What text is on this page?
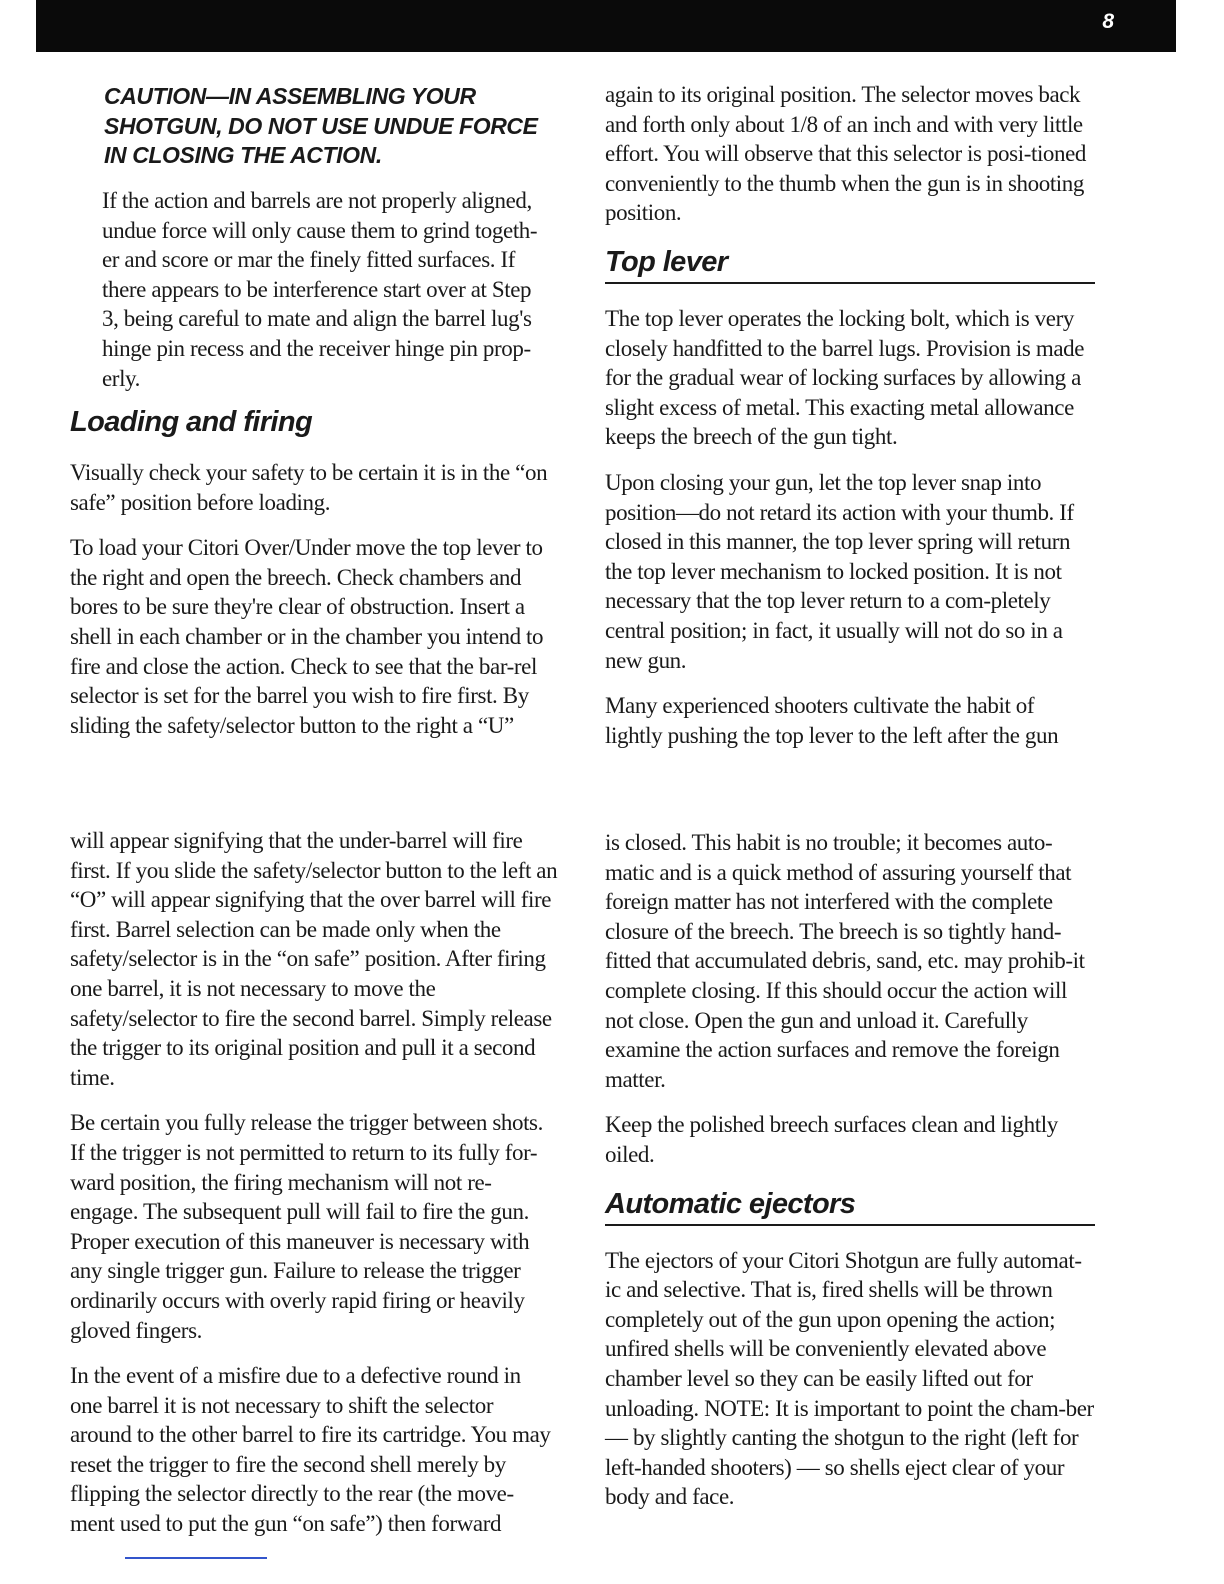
8

CAUTION—IN ASSEMBLING YOUR SHOTGUN, DO NOT USE UNDUE FORCE IN CLOSING THE ACTION.

If the action and barrels are not properly aligned, undue force will only cause them to grind togeth-er and score or mar the finely fitted surfaces. If there appears to be interference start over at Step 3, being careful to mate and align the barrel lug's hinge pin recess and the receiver hinge pin prop-erly.

Loading and firing

Visually check your safety to be certain it is in the “on safe” position before loading.

To load your Citori Over/Under move the top lever to the right and open the breech. Check chambers and bores to be sure they're clear of obstruction. Insert a shell in each chamber or in the chamber you intend to fire and close the action. Check to see that the bar-rel selector is set for the barrel you wish to fire first. By sliding the safety/selector button to the right a “U”

again to its original position. The selector moves back and forth only about 1/8 of an inch and with very little effort. You will observe that this selector is posi-tioned conveniently to the thumb when the gun is in shooting position.

Top lever

The top lever operates the locking bolt, which is very closely handfitted to the barrel lugs. Provision is made for the gradual wear of locking surfaces by allowing a slight excess of metal. This exacting metal allowance keeps the breech of the gun tight.

Upon closing your gun, let the top lever snap into position—do not retard its action with your thumb. If closed in this manner, the top lever spring will return the top lever mechanism to locked position. It is not necessary that the top lever return to a com-pletely central position; in fact, it usually will not do so in a new gun.

Many experienced shooters cultivate the habit of lightly pushing the top lever to the left after the gun

will appear signifying that the under-barrel will fire first. If you slide the safety/selector button to the left an “O” will appear signifying that the over barrel will fire first. Barrel selection can be made only when the safety/selector is in the “on safe” position. After firing one barrel, it is not necessary to move the safety/selector to fire the second barrel. Simply release the trigger to its original position and pull it a second time.

Be certain you fully release the trigger between shots. If the trigger is not permitted to return to its fully for-ward position, the firing mechanism will not re-engage. The subsequent pull will fail to fire the gun. Proper execution of this maneuver is necessary with any single trigger gun. Failure to release the trigger ordinarily occurs with overly rapid firing or heavily gloved fingers.

In the event of a misfire due to a defective round in one barrel it is not necessary to shift the selector around to the other barrel to fire its cartridge. You may reset the trigger to fire the second shell merely by flipping the selector directly to the rear (the move-ment used to put the gun “on safe”) then forward

is closed. This habit is no trouble; it becomes auto-matic and is a quick method of assuring yourself that foreign matter has not interfered with the complete closure of the breech. The breech is so tightly hand-fitted that accumulated debris, sand, etc. may prohib-it complete closing. If this should occur the action will not close. Open the gun and unload it. Carefully examine the action surfaces and remove the foreign matter.

Keep the polished breech surfaces clean and lightly oiled.

Automatic ejectors

The ejectors of your Citori Shotgun are fully automat-ic and selective. That is, fired shells will be thrown completely out of the gun upon opening the action; unfired shells will be conveniently elevated above chamber level so they can be easily lifted out for unloading. NOTE: It is important to point the cham-ber — by slightly canting the shotgun to the right (left for left-handed shooters) — so shells eject clear of your body and face.
